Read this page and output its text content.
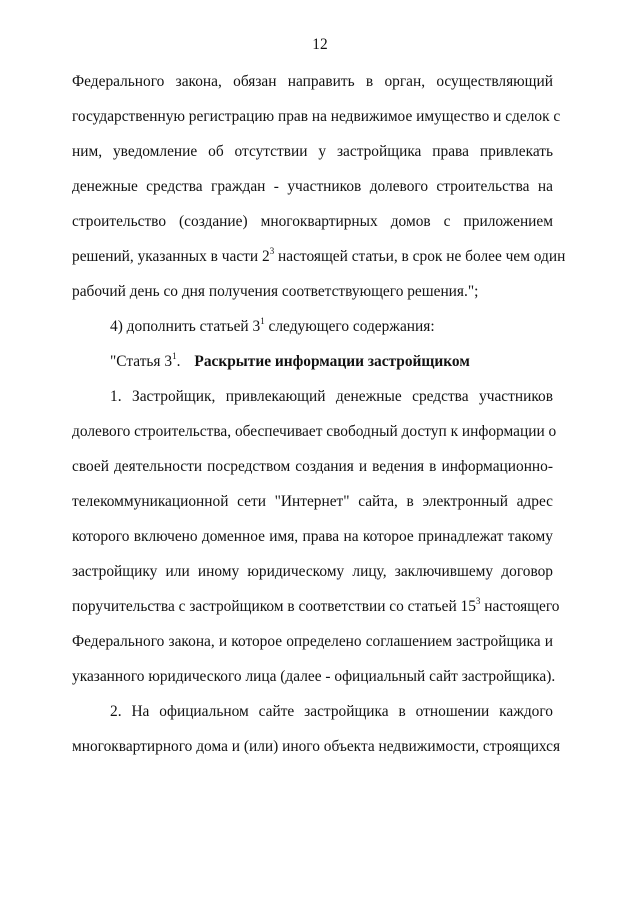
12
Федерального закона, обязан направить в орган, осуществляющий
государственную регистрацию прав на недвижимое имущество и сделок с
ним, уведомление об отсутствии у застройщика права привлекать
денежные средства граждан - участников долевого строительства на
строительство (создание) многоквартирных домов с приложением
решений, указанных в части $2^3$ настоящей статьи, в срок не более чем один
рабочий день со дня получения соответствующего решения.";
4) дополнить статьей $3^1$ следующего содержания:
"Статья $3^1$. Раскрытие информации застройщиком
1. Застройщик, привлекающий денежные средства участников
долевого строительства, обеспечивает свободный доступ к информации о
своей деятельности посредством создания и ведения в информационно-
телекоммуникационной сети "Интернет" сайта, в электронный адрес
которого включено доменное имя, права на которое принадлежат такому
застройщику или иному юридическому лицу, заключившему договор
поручительства с застройщиком в соответствии со статьей $15^3$ настоящего
Федерального закона, и которое определено соглашением застройщика и
указанного юридического лица (далее - официальный сайт застройщика).
2. На официальном сайте застройщика в отношении каждого
многоквартирного дома и (или) иного объекта недвижимости, строящихся
